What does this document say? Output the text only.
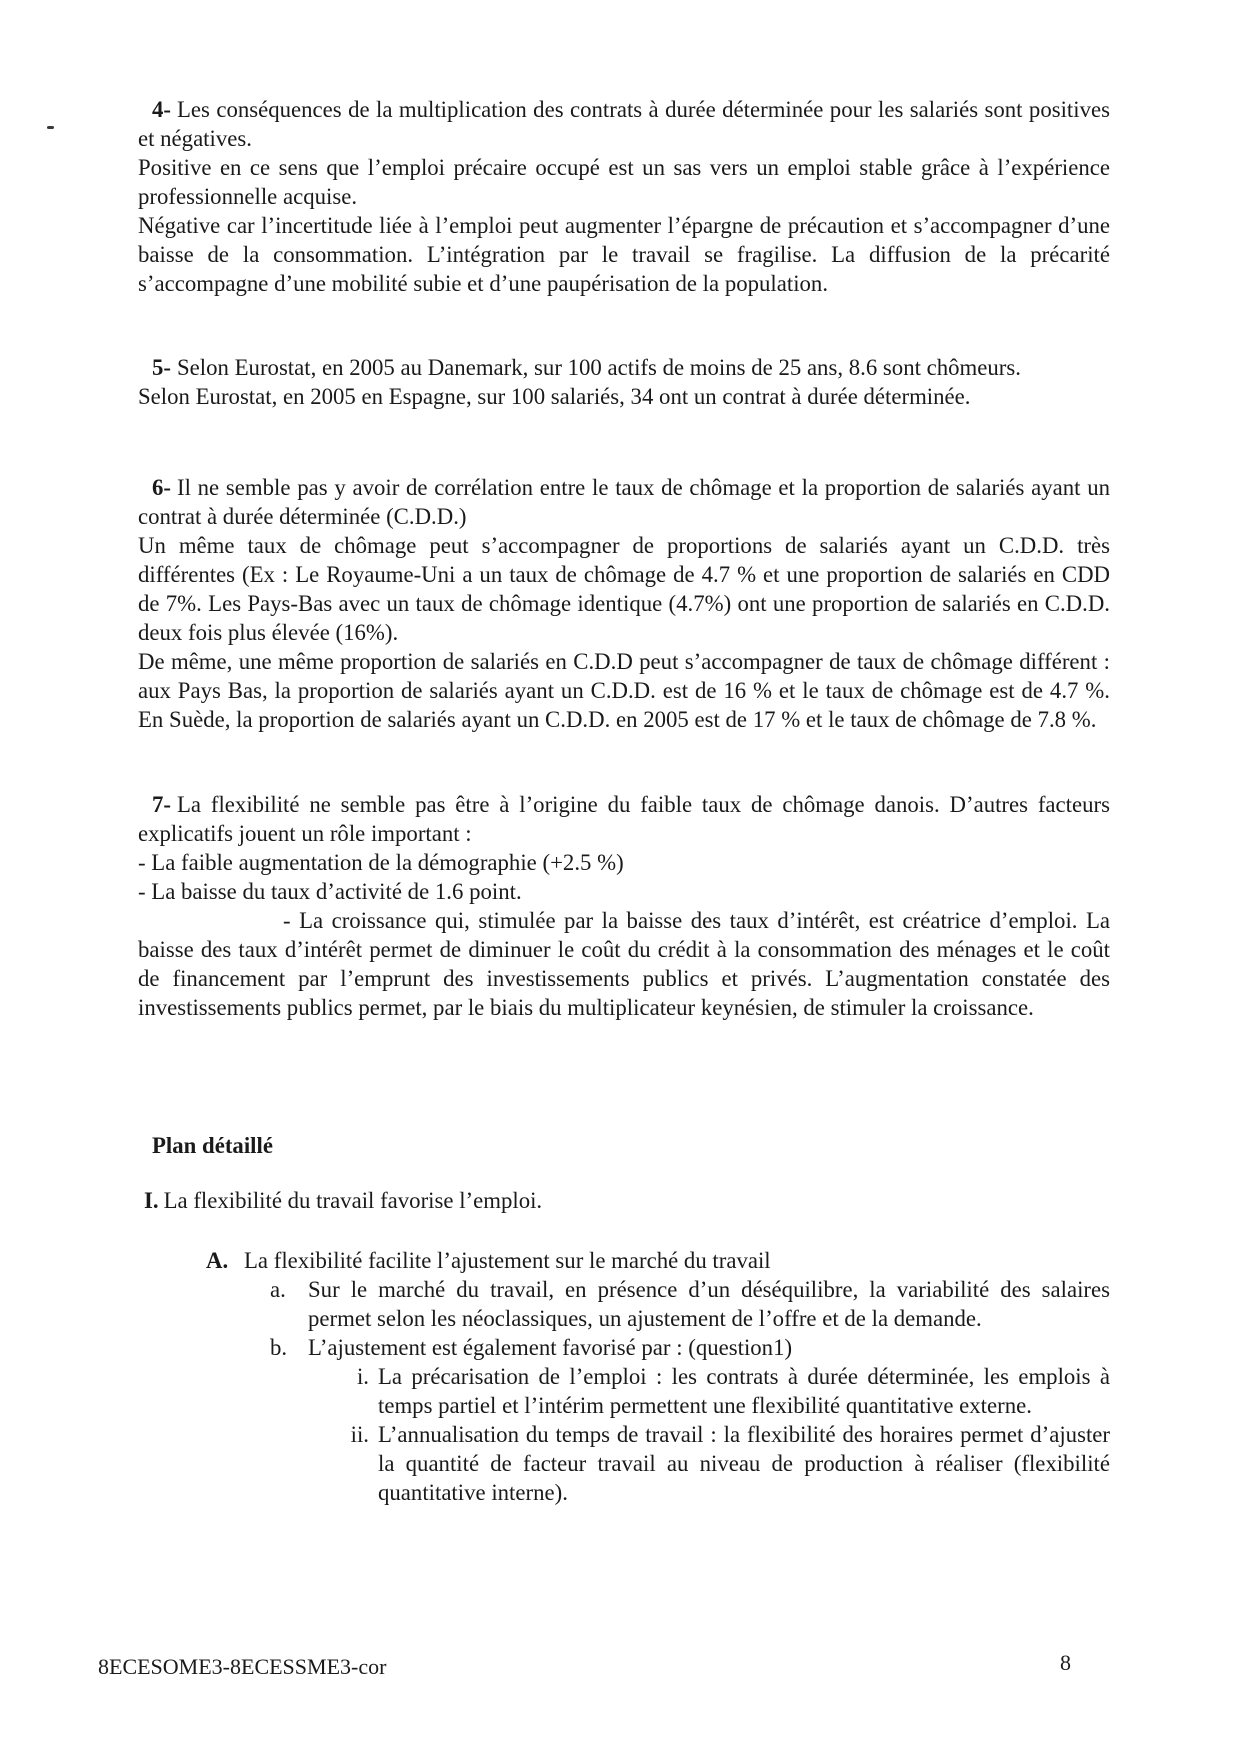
4- Les conséquences de la multiplication des contrats à durée déterminée pour les salariés sont positives et négatives.

Positive en ce sens que l’emploi précaire occupé est un sas vers un emploi stable grâce à l’expérience professionnelle acquise.

Négative car l’incertitude liée à l’emploi peut augmenter l’épargne de précaution et s’accompagner d’une baisse de la consommation. L’intégration par le travail se fragilise. La diffusion de la précarité s’accompagne d’une mobilité subie et d’une paupérisation de la population.

5- Selon Eurostat, en 2005 au Danemark, sur 100 actifs de moins de 25 ans, 8.6 sont chômeurs.

Selon Eurostat, en 2005 en Espagne, sur 100 salariés, 34 ont un contrat à durée déterminée.

6- Il ne semble pas y avoir de corrélation entre le taux de chômage et la proportion de salariés ayant un contrat à durée déterminée (C.D.D.)

Un même taux de chômage peut s’accompagner de proportions de salariés ayant un C.D.D. très différentes (Ex : Le Royaume-Uni a un taux de chômage de 4.7 % et une proportion de salariés en CDD de 7%. Les Pays-Bas avec un taux de chômage identique (4.7%) ont une proportion de salariés en C.D.D. deux fois plus élevée (16%).

De même, une même proportion de salariés en C.D.D peut s’accompagner de taux de chômage différent : aux Pays Bas, la proportion de salariés ayant un C.D.D. est de 16 % et le taux de chômage est de 4.7 %. En Suède, la proportion de salariés ayant un C.D.D. en 2005 est de 17 % et le taux de chômage de 7.8 %.

7- La flexibilité ne semble pas être à l’origine du faible taux de chômage danois. D’autres facteurs explicatifs jouent un rôle important :

- La faible augmentation de la démographie (+2.5 %)

- La baisse du taux d’activité de 1.6 point.

- La croissance qui, stimulée par la baisse des taux d’intérêt, est créatrice d’emploi. La baisse des taux d’intérêt permet de diminuer le coût du crédit à la consommation des ménages et le coût de financement par l’emprunt des investissements publics et privés. L’augmentation constatée des investissements publics permet, par le biais du multiplicateur keynésien, de stimuler la croissance.

Plan détaillé

I. La flexibilité du travail favorise l’emploi.

A. La flexibilité facilite l’ajustement sur le marché du travail
a. Sur le marché du travail, en présence d’un déséquilibre, la variabilité des salaires permet selon les néoclassiques, un ajustement de l’offre et de la demande.
b. L’ajustement est également favorisé par : (question1)
i. La précarisation de l’emploi : les contrats à durée déterminée, les emplois à temps partiel et l’intérim permettent une flexibilité quantitative externe.
ii. L’annualisation du temps de travail : la flexibilité des horaires permet d’ajuster la quantité de facteur travail au niveau de production à réaliser (flexibilité quantitative interne).
8ECESOME3-8ECESSME3-cor	8
